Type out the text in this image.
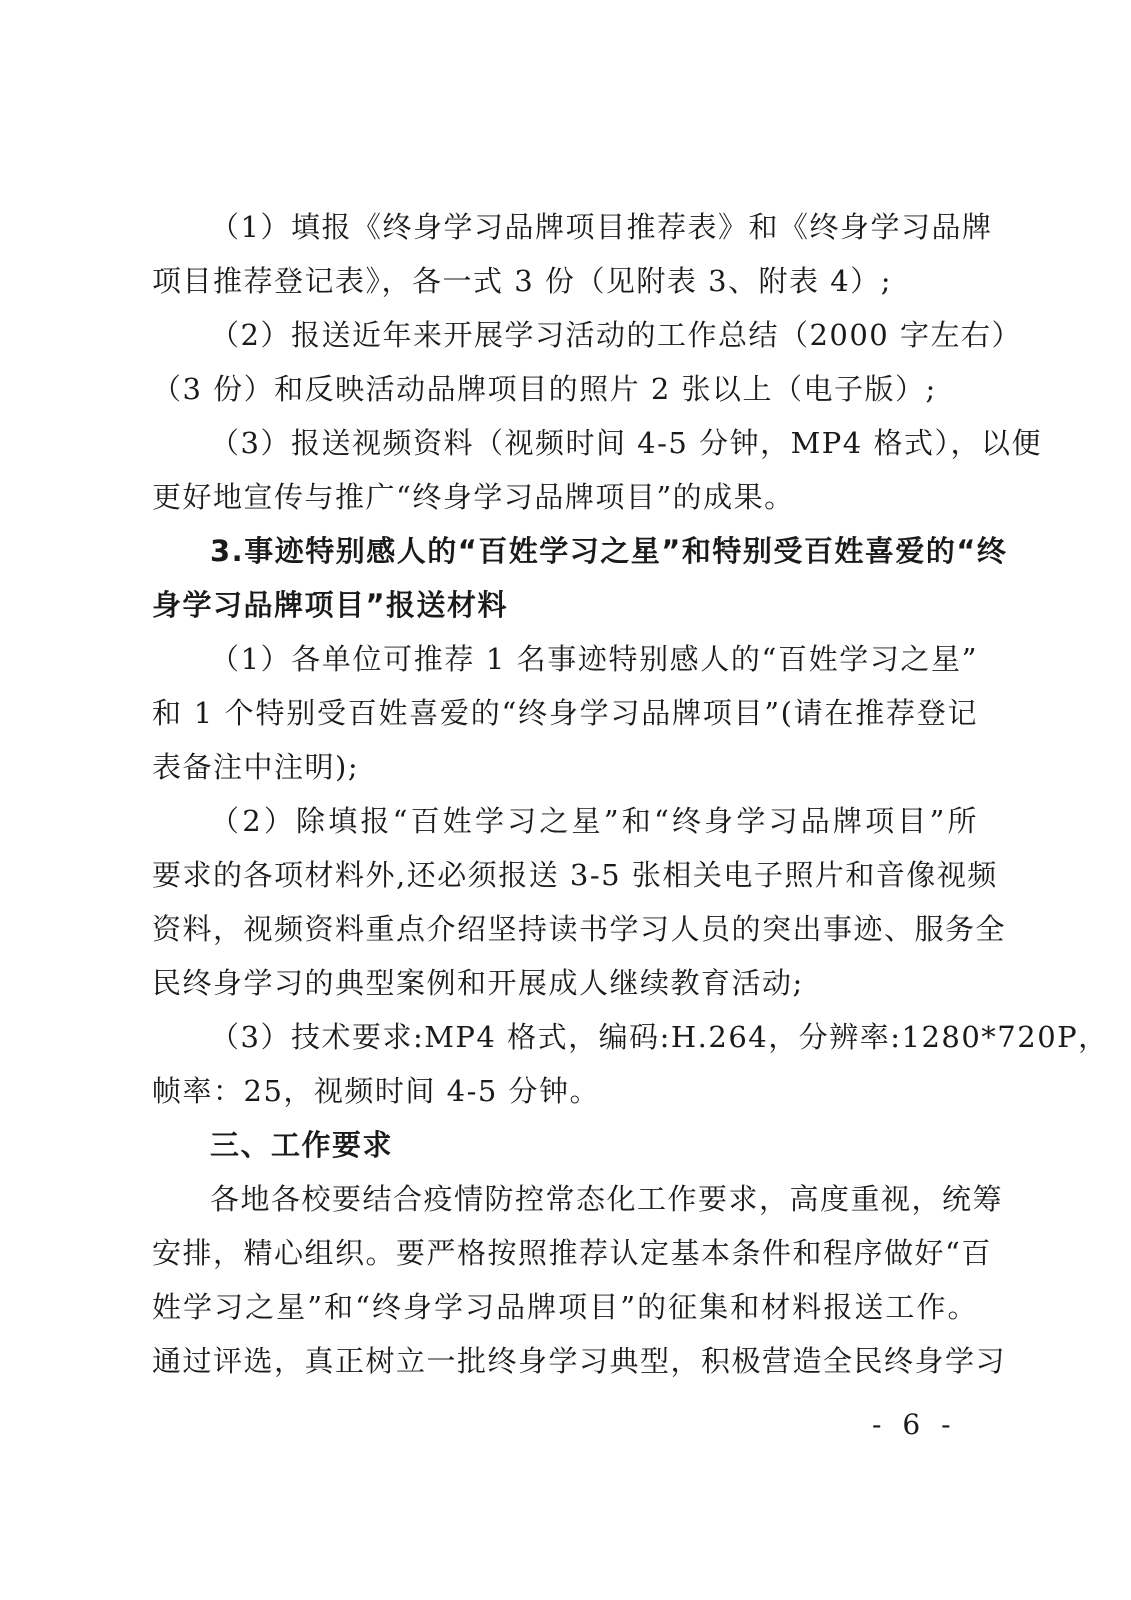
（1）填报《终身学习品牌项目推荐表》和《终身学习品牌
项目推荐登记表》，各一式 3 份（见附表 3、附表 4）;
（2）报送近年来开展学习活动的工作总结（2000 字左右）
（3 份）和反映活动品牌项目的照片 2 张以上（电子版）;
（3）报送视频资料（视频时间 4-5 分钟，MP4 格式），以便
更好地宣传与推广“终身学习品牌项目”的成果。
3.事迹特别感人的“百姓学习之星”和特别受百姓喜爱的“终
身学习品牌项目”报送材料
（1）各单位可推荐 1 名事迹特别感人的“百姓学习之星”
和 1 个特别受百姓喜爱的“终身学习品牌项目”(请在推荐登记
表备注中注明);
（2）除填报“百姓学习之星”和“终身学习品牌项目”所
要求的各项材料外,还必须报送 3-5 张相关电子照片和音像视频
资料，视频资料重点介绍坚持读书学习人员的突出事迹、服务全
民终身学习的典型案例和开展成人继续教育活动;
（3）技术要求:MP4 格式，编码:H.264，分辨率:1280*720P，
帧率：25，视频时间 4-5 分钟。
三、工作要求
各地各校要结合疫情防控常态化工作要求，高度重视，统筹
安排，精心组织。要严格按照推荐认定基本条件和程序做好“百
姓学习之星”和“终身学习品牌项目”的征集和材料报送工作。
通过评选，真正树立一批终身学习典型，积极营造全民终身学习
- 6 -
